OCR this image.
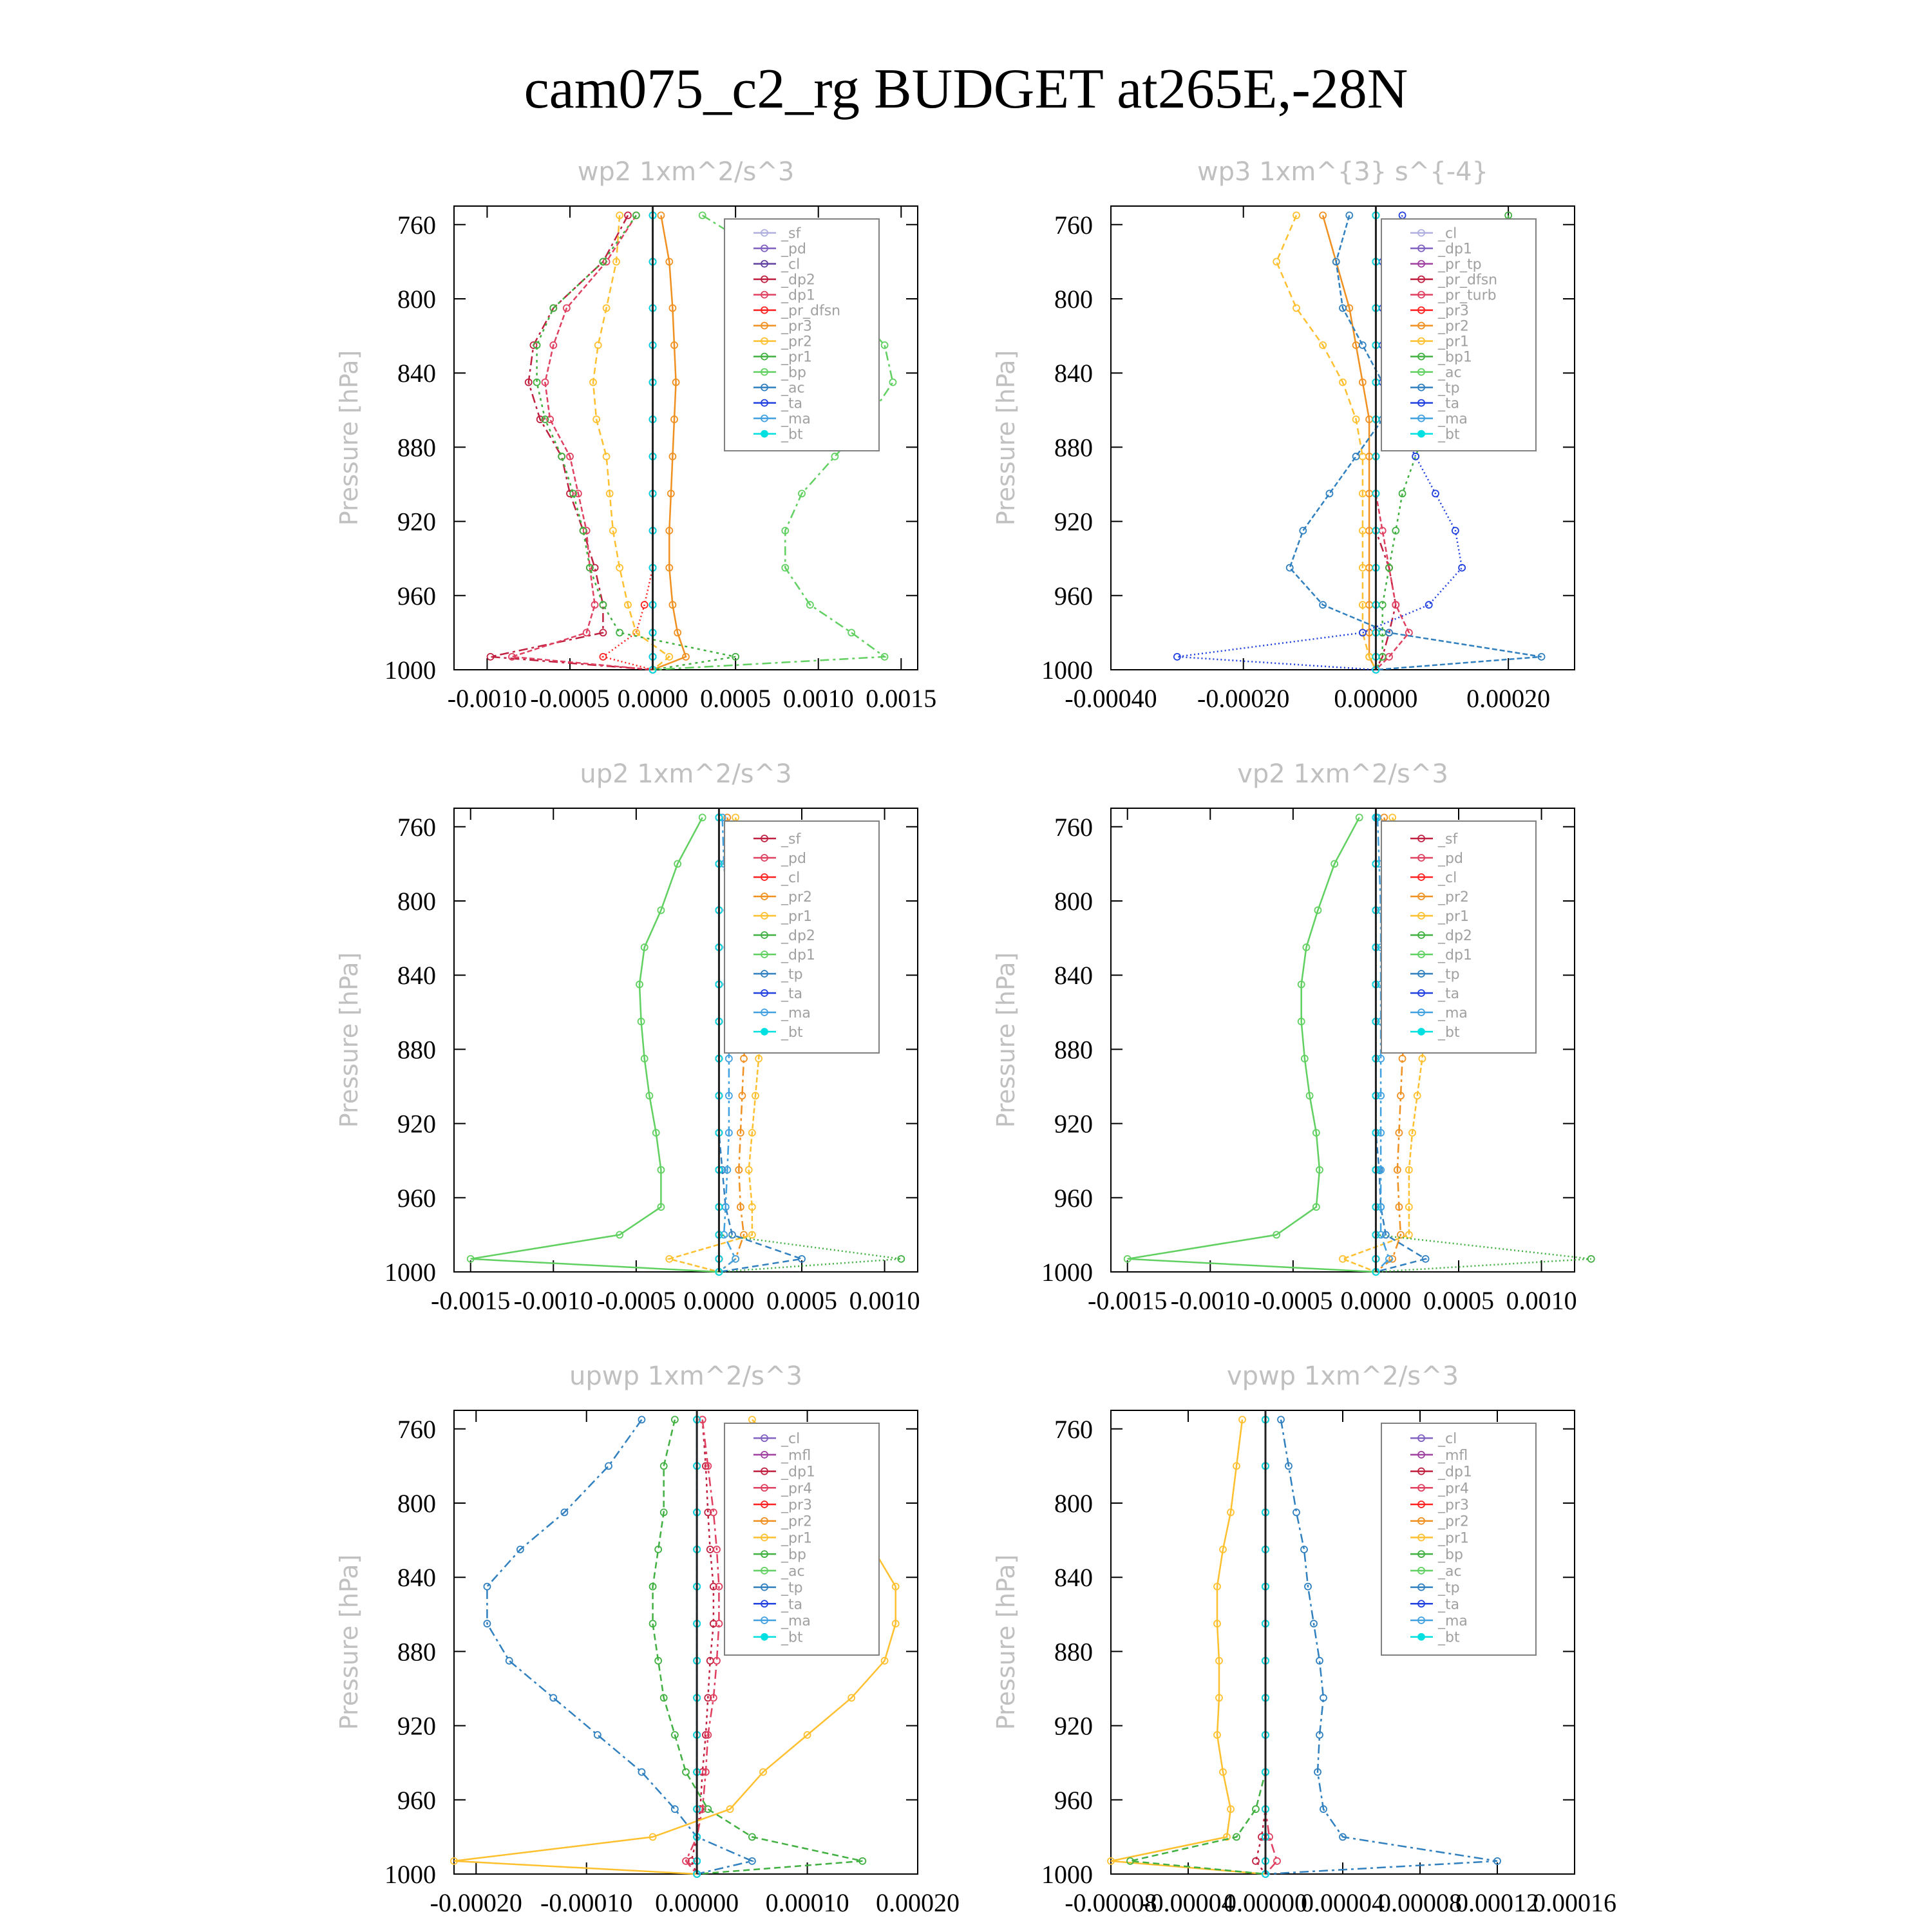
cam075_c2_rg BUDGET at265E,-28N
wp2 1xm^2/s^3
Pressure [hPa]
760
800
840
880
920
960
1000
-0.0010 -0.0005 0.0000 0.0005 0.0010 0.0015
_sf
_pd
_cl
_dp2
_dp1
_pr_dfsn
_pr3
_pr2
_pr1
_bp
_ac
_ta
_ma
_bt
wp3 1xm^{3} s^{-4}
Pressure [hPa]
760
800
840
880
920
960
1000
-0.00040 -0.00020 0.00000 0.00020
_cl
_dp1
_pr_tp
_pr_dfsn
_pr_turb
_pr3
_pr2
_pr1
_bp1
_ac
_tp
_ta
_ma
_bt
up2 1xm^2/s^3
Pressure [hPa]
760
800
840
880
920
960
1000
-0.0015 -0.0010 -0.0005 0.0000 0.0005 0.0010
_sf
_pd
_cl
_pr2
_pr1
_dp2
_dp1
_tp
_ta
_ma
_bt
vp2 1xm^2/s^3
Pressure [hPa]
760
800
840
880
920
960
1000
-0.0015 -0.0010 -0.0005 0.0000 0.0005 0.0010
_sf
_pd
_cl
_pr2
_pr1
_dp2
_dp1
_tp
_ta
_ma
_bt
upwp 1xm^2/s^3
Pressure [hPa]
760
800
840
880
920
960
1000
-0.00020 -0.00010 0.00000 0.00010 0.00020
_cl
_mfl
_dp1
_pr4
_pr3
_pr2
_pr1
_bp
_ac
_tp
_ta
_ma
_bt
vpwp 1xm^2/s^3
Pressure [hPa]
760
800
840
880
920
960
1000
-0.00008
-0.00004
0.00000
0.00004
0.00008
0.00012
0.00016
_cl
_mfl
_dp1
_pr4
_pr3
_pr2
_pr1
_bp
_ac
_tp
_ta
_ma
_bt
